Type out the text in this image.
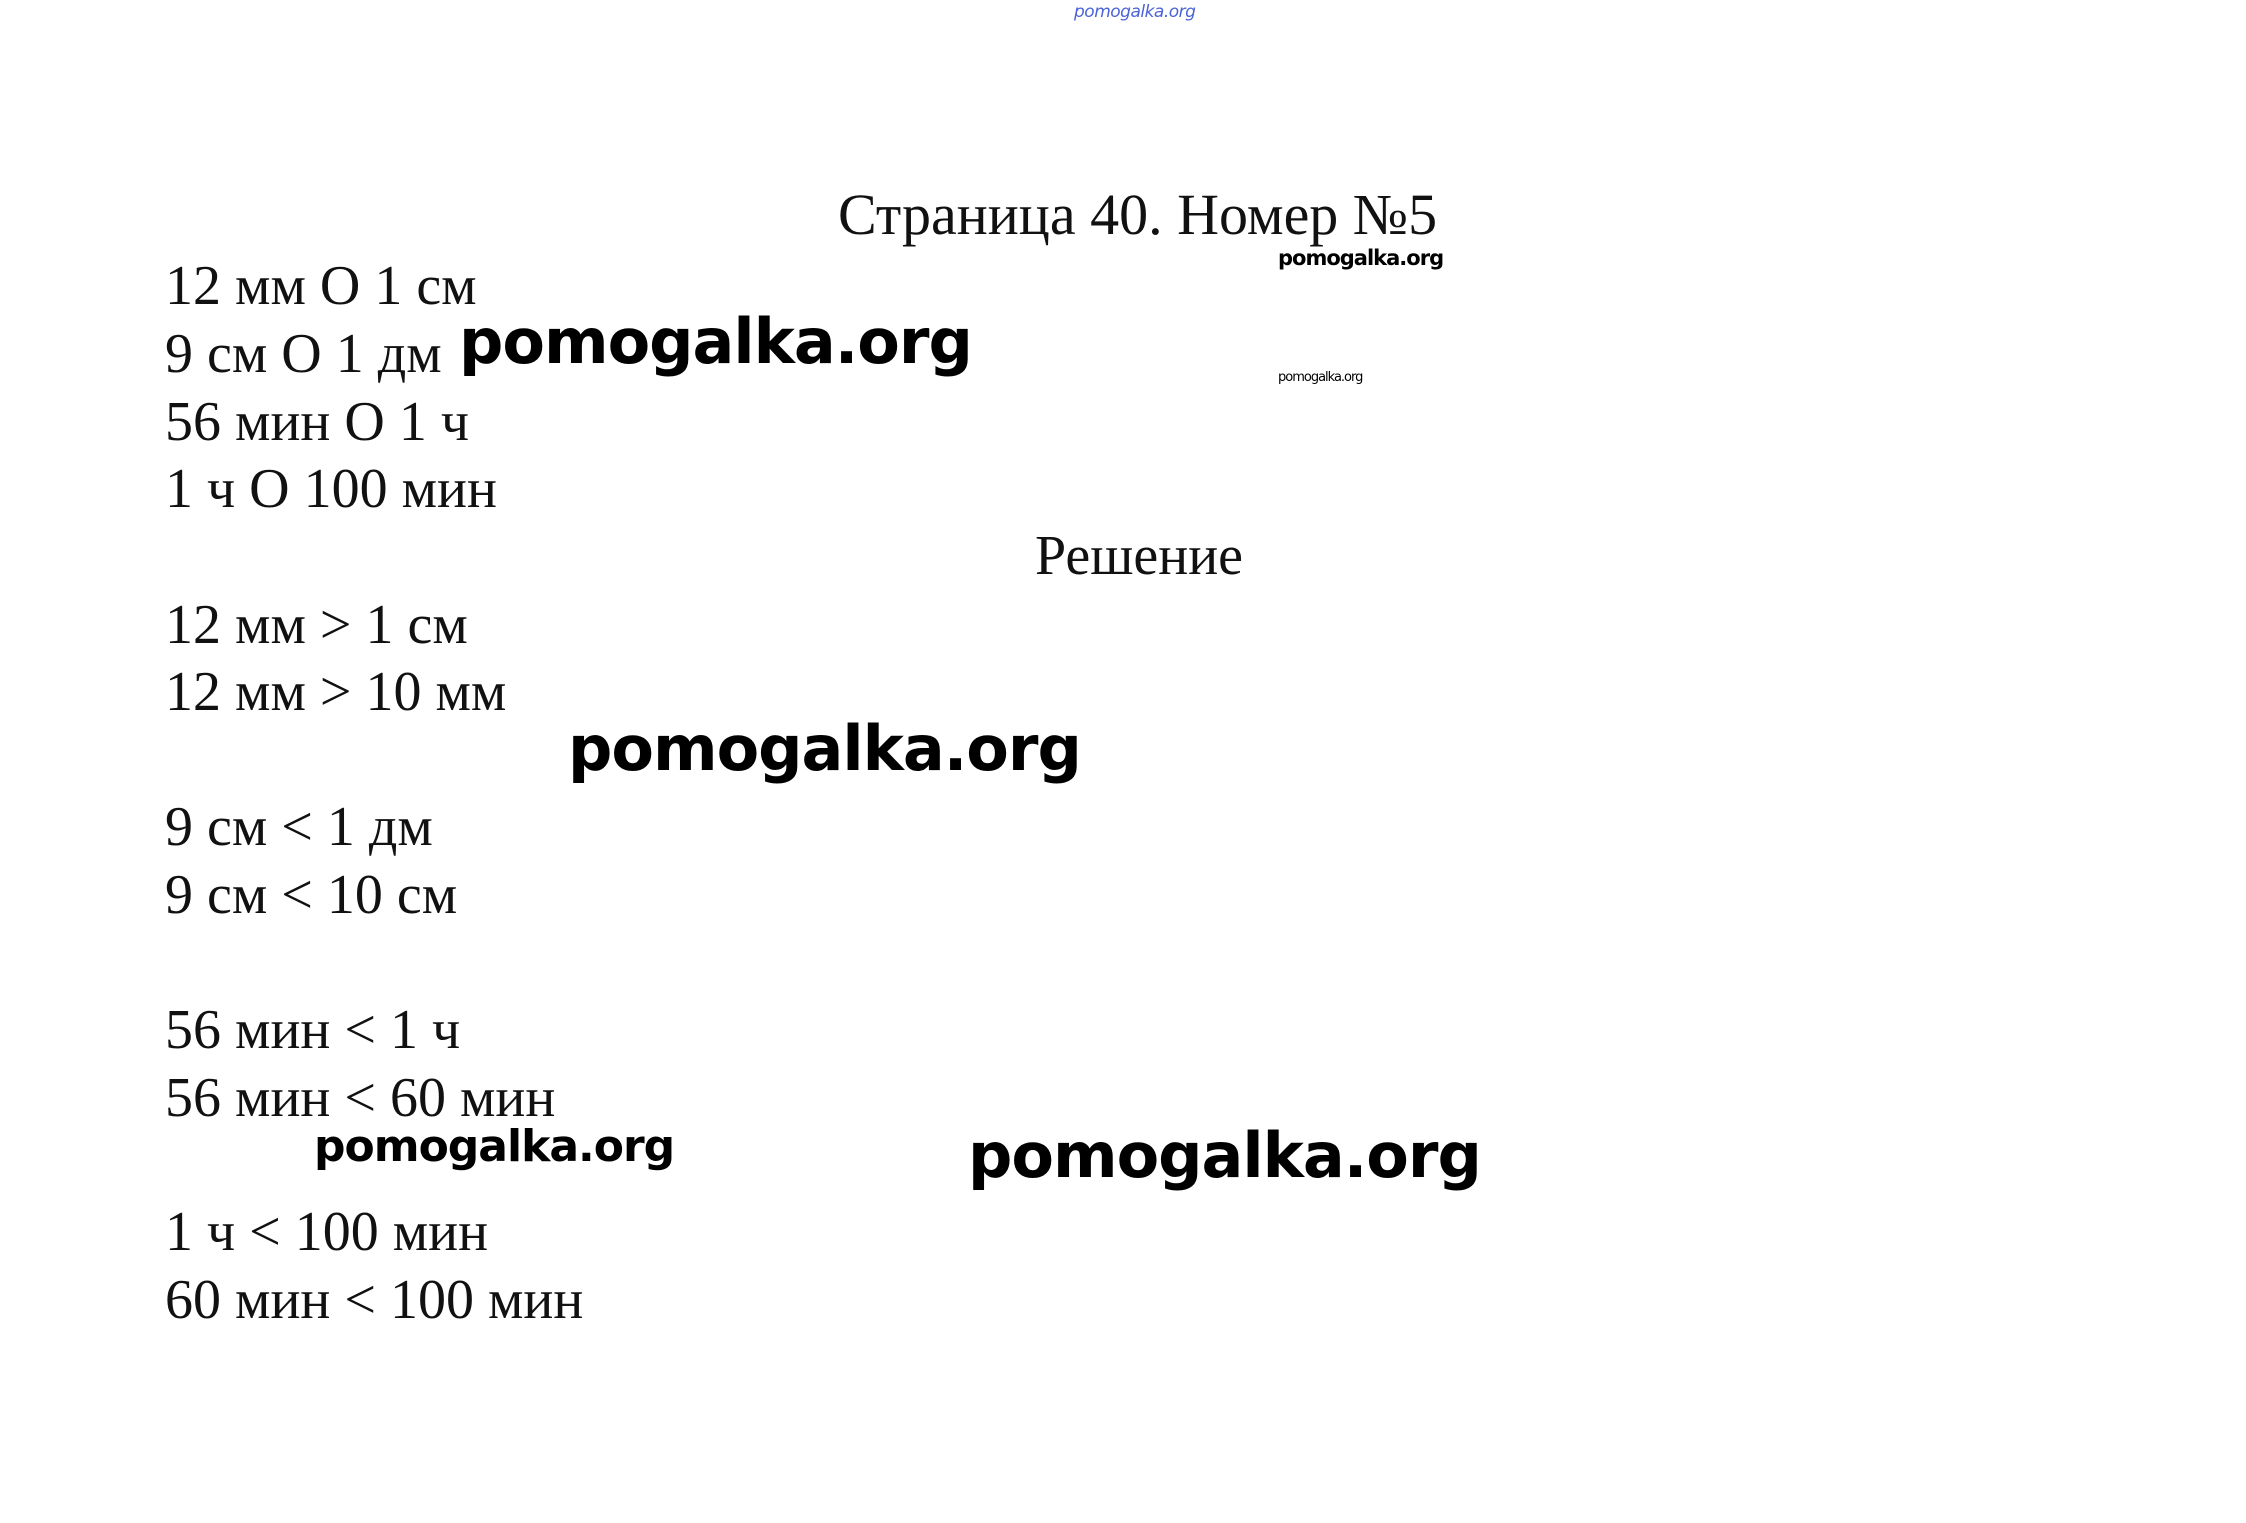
pomogalka.org
Страница 40. Номер №5
pomogalka.org
pomogalka.org
12 мм О 1 см
9 см О 1 дм pomogalka.org
56 мин О 1 ч
1 ч О 100 мин
Решение
12 мм > 1 см
12 мм > 10 мм
pomogalka.org
9 см < 1 дм
9 см < 10 см
56 мин < 1 ч
56 мин < 60 мин
pomogalka.org	pomogalka.org
1 ч < 100 мин
60 мин < 100 мин
